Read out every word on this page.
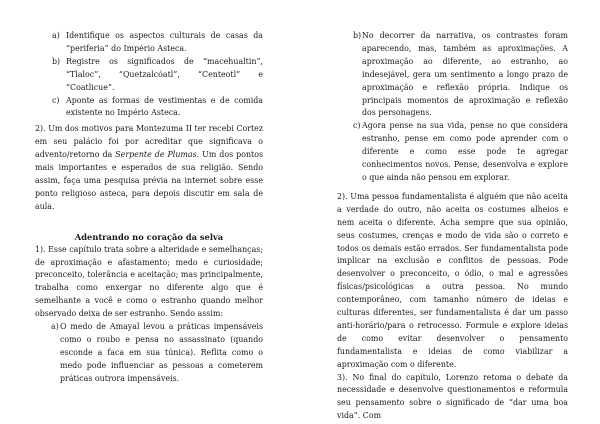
a) Identifique os aspectos culturais de casas da “periferia” do Império Asteca.
b) Registre os significados de “macehualtin”, “Tlaloc”, “Quetzalcóatl”, “Centeotl” e “Coatlicue”.
c) Aponte as formas de vestimentas e de comida existente no Império Asteca.

2). Um dos motivos para Montezuma II ter recebi Cortez em seu palácio foi por acreditar que significava o advento/retorno da Serpente de Plumas. Um dos pontos mais importantes e esperados de sua religião. Sendo assim, faça uma pesquisa prévia na internet sobre esse ponto religioso asteca, para depois discutir em sala de aula.

Adentrando no coração da selva

1). Esse capítulo trata sobre a alteridade e semelhanças; de aproximação e afastamento; medo e curiosidade; preconceito, tolerância e aceitação; mas principalmente, trabalha como enxergar no diferente algo que é semelhante a você e como o estranho quando melhor observado deixa de ser estranho. Sendo assim:

a) O medo de Amayal levou a práticas impensáveis como o roubo e pensa no assassinato (quando esconde a faca em sua túnica). Reflita como o medo pode influenciar as pessoas a cometerem práticas outrora impensáveis.
b) No decorrer da narrativa, os contrastes foram aparecendo, mas, também as aproximações. A aproximação ao diferente, ao estranho, ao indesejável, gera um sentimento a longo prazo de aproximação e reflexão própria. Indique os principais momentos de aproximação e reflexão dos personagens.
c) Agora pense na sua vida, pense no que considera estranho, pense em como pode aprender com o diferente e como esse pode te agregar conhecimentos novos. Pense, desenvolva e explore o que ainda não pensou em explorar.

2). Uma pessoa fundamentalista é alguém que não aceita a verdade do outro, não aceita os costumes alheios e nem aceita o diferente. Acha sempre que sua opinião, seus costumes, crenças e modo de vida são o correto e todos os demais estão errados. Ser fundamentalista pode implicar na exclusão e conflitos de pessoas. Pode desenvolver o preconceito, o ódio, o mal e agressões físicas/psicológicas a outra pessoa. No mundo contemporâneo, com tamanho número de ideias e culturas diferentes, ser fundamentalista é dar um passo anti-horário/para o retrocesso. Formule e explore ideias de como evitar desenvolver o pensamento fundamentalista e ideias de como viabilizar a aproximação com o diferente.

3). No final do capítulo, Lorenzo retoma o debate da necessidade e desenvolve questionamentos e reformula seu pensamento sobre o significado de “dar uma boa vida”. Com
